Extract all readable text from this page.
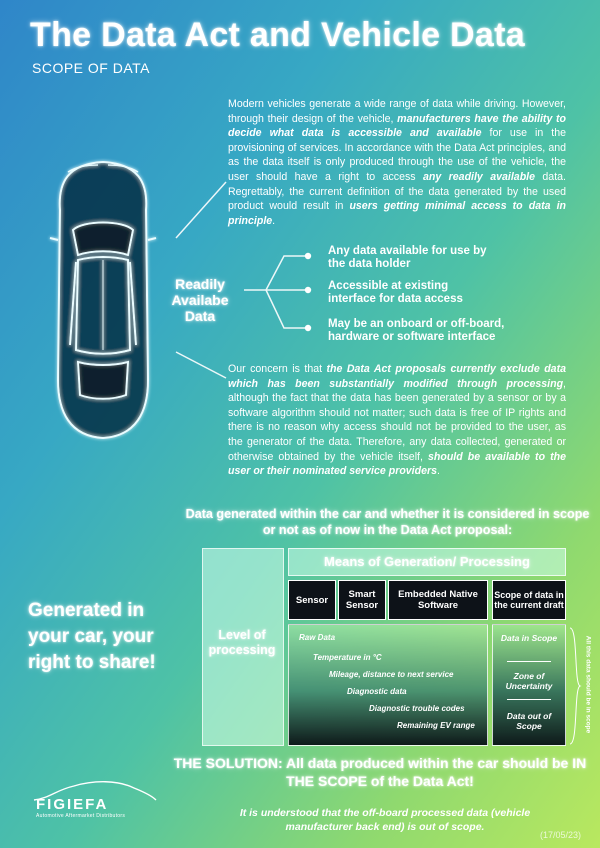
The Data Act and Vehicle Data
SCOPE OF DATA
Modern vehicles generate a wide range of data while driving. However, through their design of the vehicle, manufacturers have the ability to decide what data is accessible and available for use in the provisioning of services. In accordance with the Data Act principles, and as the data itself is only produced through the use of the vehicle, the user should have a right to access any readily available data. Regrettably, the current definition of the data generated by the used product would result in users getting minimal access to data in principle.
Readily Availabe Data
Any data available for use by the data holder
Accessible at existing interface for data access
May be an onboard or off-board, hardware or software interface
Our concern is that the Data Act proposals currently exclude data which has been substantially modified through processing, although the fact that the data has been generated by a sensor or by a software algorithm should not matter; such data is free of IP rights and there is no reason why access should not be provided to the user, as the generator of the data. Therefore, any data collected, generated or otherwise obtained by the vehicle itself, should be available to the user or their nominated service providers.
Data generated within the car and whether it is considered in scope or not as of now in the Data Act proposal:
Generated in your car, your right to share!
Level of processing
Means of Generation/ Processing
Sensor	Smart Sensor
Embedded Native Software
Scope of data in the current draft
Raw Data
Temperature in °C
Mileage, distance to next service
Diagnostic data
Diagnostic trouble codes
Remaining EV range
Data in Scope
Zone of Uncertainty
Data out of Scope	All this data should be in scope
THE SOLUTION: All data produced within the car should be IN THE SCOPE of the Data Act!
It is understood that the off-board processed data (vehicle manufacturer back end) is out of scope.
FIGIEFA
Automotive Aftermarket Distributors
(17/05/23)
